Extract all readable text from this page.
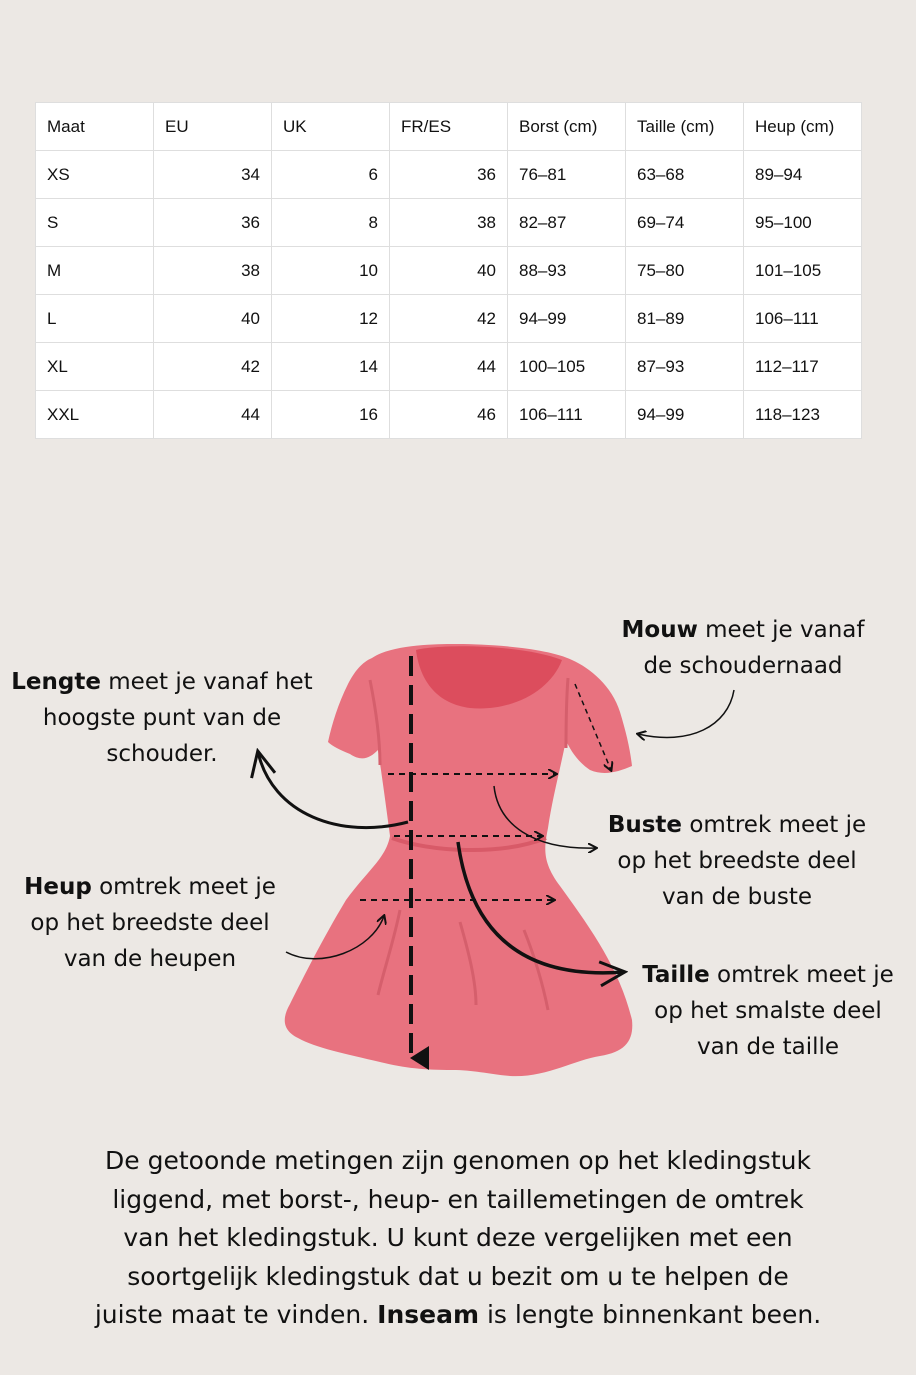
Maat	EU	UK	FR/ES	Borst (cm)	Taille (cm)	Heup (cm)
XS	34	6	36	76–81	63–68	89–94
S	36	8	38	82–87	69–74	95–100
M	38	10	40	88–93	75–80	101–105
L	40	12	42	94–99	81–89	106–111
XL	42	14	44	100–105	87–93	112–117
XXL	44	16	46	106–111	94–99	118–123
Lengte meet je vanaf het
hoogste punt van de
schouder.
Mouw meet je vanaf
de schoudernaad
Buste omtrek meet je
op het breedste deel
van de buste
Heup omtrek meet je
op het breedste deel
van de heupen
Taille omtrek meet je
op het smalste deel
van de taille
De getoonde metingen zijn genomen op het kledingstuk
liggend, met borst-, heup- en taillemetingen de omtrek
van het kledingstuk. U kunt deze vergelijken met een
soortgelijk kledingstuk dat u bezit om u te helpen de
juiste maat te vinden. Inseam is lengte binnenkant been.
